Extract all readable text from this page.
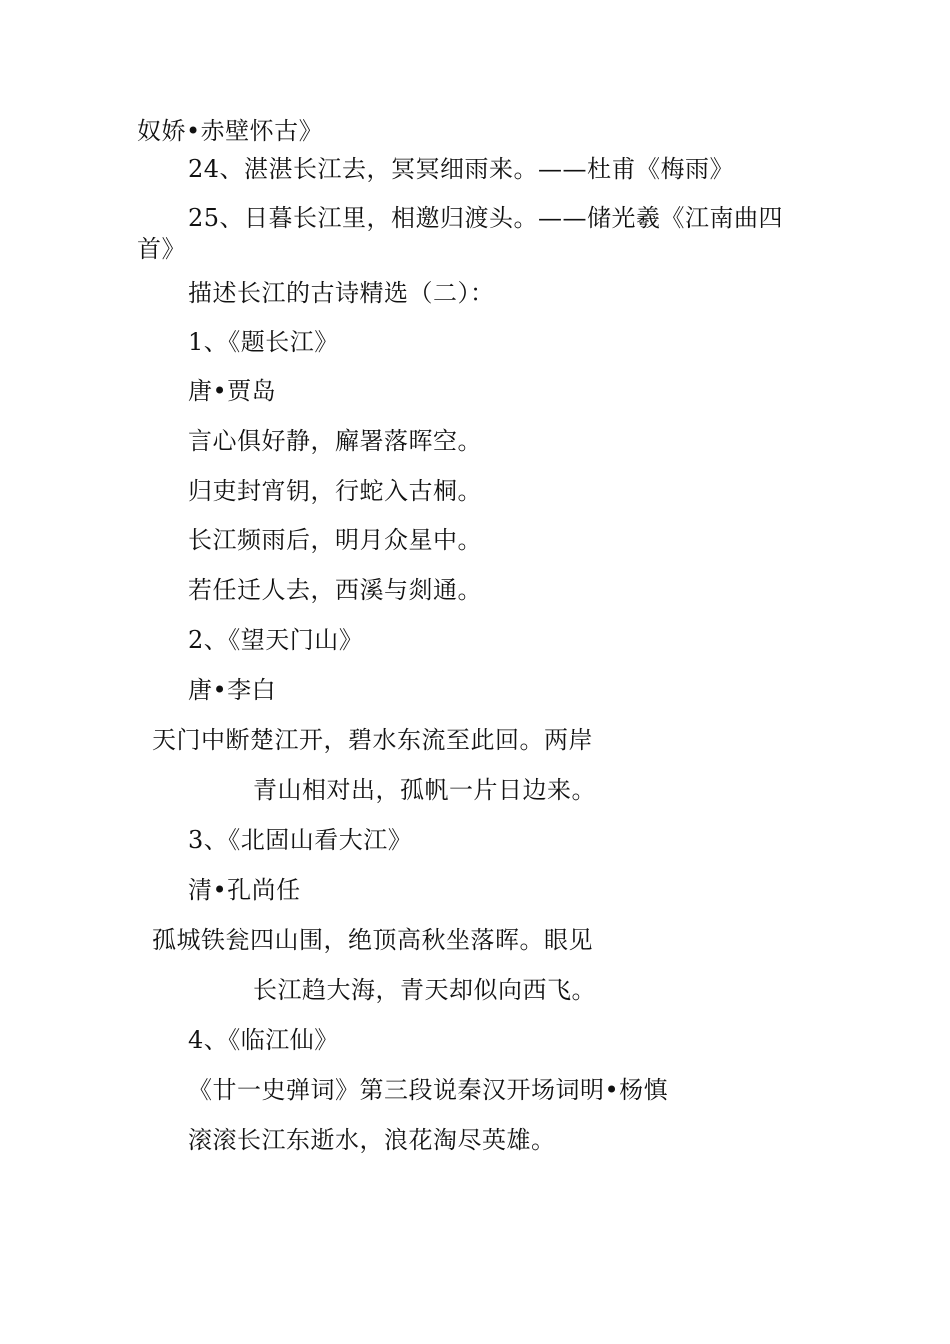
奴娇•赤壁怀古》
24、湛湛长江去，冥冥细雨来。——杜甫《梅雨》
25、日暮长江里，相邀归渡头。——储光羲《江南曲四
首》
描述长江的古诗精选（二）：
1、《题长江》
唐•贾岛
言心俱好静，廨署落晖空。
归吏封宵钥，行蛇入古桐。
长江频雨后，明月众星中。
若任迁人去，西溪与剡通。
2、《望天门山》
唐•李白
天门中断楚江开，碧水东流至此回。两岸
青山相对出，孤帆一片日边来。
3、《北固山看大江》
清•孔尚任
孤城铁瓮四山围，绝顶高秋坐落晖。眼见
长江趋大海，青天却似向西飞。
4、《临江仙》
《廿一史弹词》第三段说秦汉开场词明•杨慎
滚滚长江东逝水，浪花淘尽英雄。
